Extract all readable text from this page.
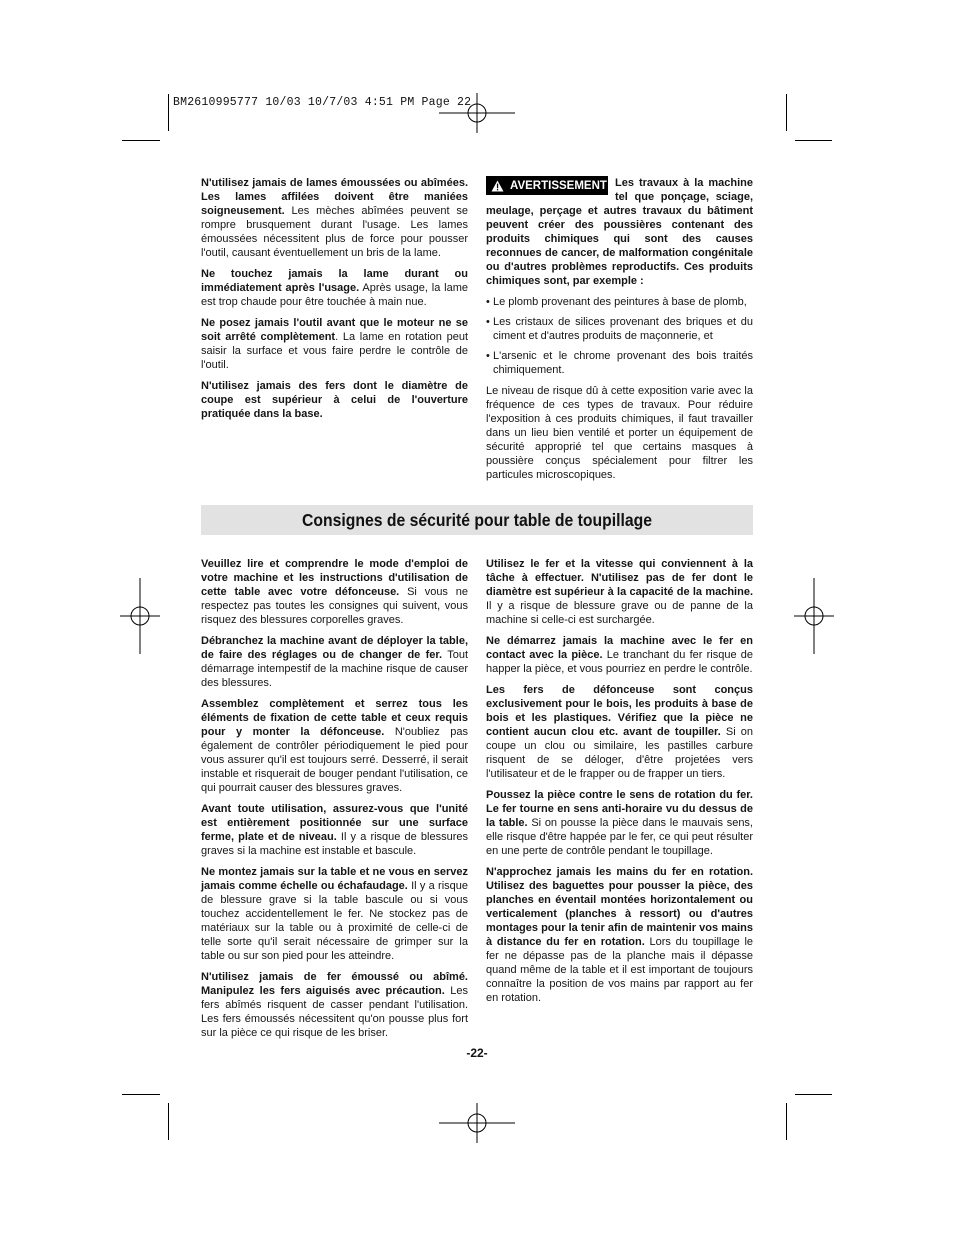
BM2610995777 10/03 10/7/03 4:51 PM Page 22

N'utilisez jamais de lames émoussées ou abîmées. Les lames affilées doivent être maniées soigneusement. Les mèches abîmées peuvent se rompre brusquement durant l'usage. Les lames émoussées nécessitent plus de force pour pousser l'outil, causant éventuellement un bris de la lame.

Ne touchez jamais la lame durant ou immédiatement après l'usage. Après usage, la lame est trop chaude pour être touchée à main nue.

Ne posez jamais l'outil avant que le moteur ne se soit arrêté complètement. La lame en rotation peut saisir la surface et vous faire perdre le contrôle de l'outil.

N'utilisez jamais des fers dont le diamètre de coupe est supérieur à celui de l'ouverture pratiquée dans la base.

AVERTISSEMENT Les travaux à la machine tel que ponçage, sciage, meulage, perçage et autres travaux du bâtiment peuvent créer des poussières contenant des produits chimiques qui sont des causes reconnues de cancer, de malformation congénitale ou d'autres problèmes reproductifs. Ces produits chimiques sont, par exemple :
• Le plomb provenant des peintures à base de plomb,
• Les cristaux de silices provenant des briques et du ciment et d'autres produits de maçonnerie, et
• L'arsenic et le chrome provenant des bois traités chimiquement.

Le niveau de risque dû à cette exposition varie avec la fréquence de ces types de travaux. Pour réduire l'exposition à ces produits chimiques, il faut travailler dans un lieu bien ventilé et porter un équipement de sécurité approprié tel que certains masques à poussière conçus spécialement pour filtrer les particules microscopiques.

Consignes de sécurité pour table de toupillage

Veuillez lire et comprendre le mode d'emploi de votre machine et les instructions d'utilisation de cette table avec votre défonceuse. Si vous ne respectez pas toutes les consignes qui suivent, vous risquez des blessures corporelles graves.

Débranchez la machine avant de déployer la table, de faire des réglages ou de changer de fer. Tout démarrage intempestif de la machine risque de causer des blessures.

Assemblez complètement et serrez tous les éléments de fixation de cette table et ceux requis pour y monter la défonceuse. N'oubliez pas également de contrôler périodiquement le pied pour vous assurer qu'il est toujours serré. Desserré, il serait instable et risquerait de bouger pendant l'utilisation, ce qui pourrait causer des blessures graves.

Avant toute utilisation, assurez-vous que l'unité est entièrement positionnée sur une surface ferme, plate et de niveau. Il y a risque de blessures graves si la machine est instable et bascule.

Ne montez jamais sur la table et ne vous en servez jamais comme échelle ou échafaudage. Il y a risque de blessure grave si la table bascule ou si vous touchez accidentellement le fer. Ne stockez pas de matériaux sur la table ou à proximité de celle-ci de telle sorte qu'il serait nécessaire de grimper sur la table ou sur son pied pour les atteindre.

N'utilisez jamais de fer émoussé ou abîmé. Manipulez les fers aiguisés avec précaution. Les fers abîmés risquent de casser pendant l'utilisation. Les fers émoussés nécessitent qu'on pousse plus fort sur la pièce ce qui risque de les briser.

Utilisez le fer et la vitesse qui conviennent à la tâche à effectuer. N'utilisez pas de fer dont le diamètre est supérieur à la capacité de la machine. Il y a risque de blessure grave ou de panne de la machine si celle-ci est surchargée.

Ne démarrez jamais la machine avec le fer en contact avec la pièce. Le tranchant du fer risque de happer la pièce, et vous pourriez en perdre le contrôle.

Les fers de défonceuse sont conçus exclusivement pour le bois, les produits à base de bois et les plastiques. Vérifiez que la pièce ne contient aucun clou etc. avant de toupiller. Si on coupe un clou ou similaire, les pastilles carbure risquent de se déloger, d'être projetées vers l'utilisateur et de le frapper ou de frapper un tiers.

Poussez la pièce contre le sens de rotation du fer. Le fer tourne en sens anti-horaire vu du dessus de la table. Si on pousse la pièce dans le mauvais sens, elle risque d'être happée par le fer, ce qui peut résulter en une perte de contrôle pendant le toupillage.

N'approchez jamais les mains du fer en rotation. Utilisez des baguettes pour pousser la pièce, des planches en éventail montées horizontalement ou verticalement (planches à ressort) ou d'autres montages pour la tenir afin de maintenir vos mains à distance du fer en rotation. Lors du toupillage le fer ne dépasse pas de la planche mais il dépasse quand même de la table et il est important de toujours connaître la position de vos mains par rapport au fer en rotation.

-22-
